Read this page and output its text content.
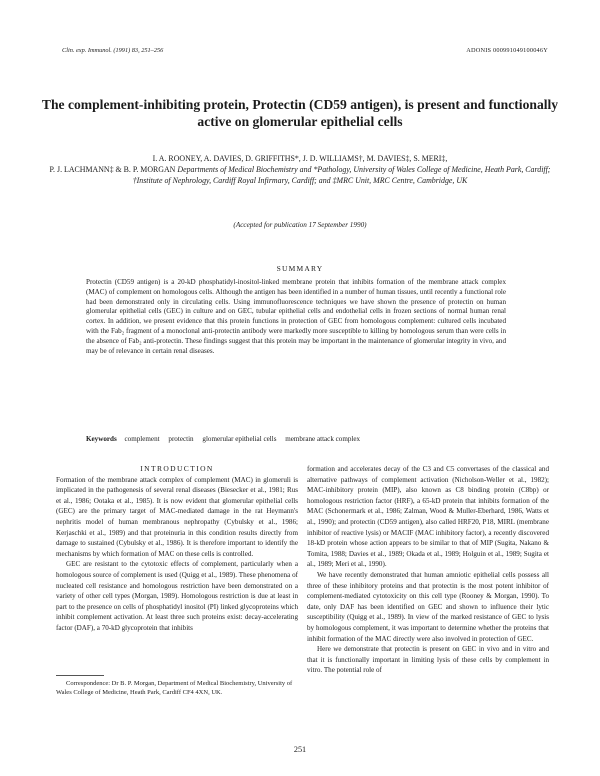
Clin. exp. Immunol. (1991) 83, 251–256	ADONIS 000991049100046Y
The complement-inhibiting protein, Protectin (CD59 antigen), is present and functionally active on glomerular epithelial cells
I. A. ROONEY, A. DAVIES, D. GRIFFITHS*, J. D. WILLIAMS†, M. DAVIES‡, S. MERI‡,
P. J. LACHMANN‡ & B. P. MORGAN Departments of Medical Biochemistry and *Pathology, University of Wales College of Medicine, Heath Park, Cardiff; †Institute of Nephrology, Cardiff Royal Infirmary, Cardiff; and ‡MRC Unit, MRC Centre, Cambridge, UK
(Accepted for publication 17 September 1990)
SUMMARY

Protectin (CD59 antigen) is a 20-kD phosphatidyl-inositol-linked membrane protein that inhibits formation of the membrane attack complex (MAC) of complement on homologous cells. Although the antigen has been identified in a number of human tissues, until recently a functional role had been demonstrated only in circulating cells. Using immunofluorescence techniques we have shown the presence of protectin on human glomerular epithelial cells (GEC) in culture and on GEC, tubular epithelial cells and endothelial cells in frozen sections of normal human renal cortex. In addition, we present evidence that this protein functions in protection of GEC from homologous complement: cultured cells incubated with the Fab₂ fragment of a monoclonal anti-protectin antibody were markedly more susceptible to killing by homologous serum than were cells in the absence of Fab₂ anti-protectin. These findings suggest that this protein may be important in the maintenance of glomerular integrity in vivo, and may be of relevance in certain renal diseases.

Keywords complement protectin glomerular epithelial cells membrane attack complex

INTRODUCTION

Formation of the membrane attack complex of complement (MAC) in glomeruli is implicated in the pathogenesis of several renal diseases (Biesecker et al., 1981; Rus et al., 1986; Ootaka et al., 1985). It is now evident that glomerular epithelial cells (GEC) are the primary target of MAC-mediated damage in the rat Heymann's nephritis model of human membranous nephropathy (Cybulsky et al., 1986; Kerjaschki et al., 1989) and that proteinuria in this condition results directly from damage to sustained (Cybulsky et al., 1986). It is therefore important to identify the mechanisms by which formation of MAC on these cells is controlled.

GEC are resistant to the cytotoxic effects of complement, particularly when a homologous source of complement is used (Quigg et al., 1989). These phenomena of nucleated cell resistance and homologous restriction have been demonstrated on a variety of other cell types (Morgan, 1989). Homologous restriction is due at least in part to the presence on cells of phosphatidyl inositol (PI) linked glycoproteins which inhibit complement activation. At least three such proteins exist: decay-accelerating factor (DAF), a 70-kD glycoprotein that inhibits

formation and accelerates decay of the C3 and C5 convertases of the classical and alternative pathways of complement activation (Nicholson-Weller et al., 1982); MAC-inhibitory protein (MIP), also known as C8 binding protein (C8bp) or homologous restriction factor (HRF), a 65-kD protein that inhibits formation of the MAC (Schonermark et al., 1986; Zalman, Wood & Muller-Eberhard, 1986, Watts et al., 1990); and protectin (CD59 antigen), also called HRF20, P18, MIRL (membrane inhibitor of reactive lysis) or MACIF (MAC inhibitory factor), a recently discovered 18-kD protein whose action appears to be similar to that of MIP (Sugita, Nakano & Tomita, 1988; Davies et al., 1989; Okada et al., 1989; Holguin et al., 1989; Sugita et al., 1989; Meri et al., 1990).

We have recently demonstrated that human amniotic epithelial cells possess all three of these inhibitory proteins and that protectin is the most potent inhibitor of complement-mediated cytotoxicity on this cell type (Rooney & Morgan, 1990). To date, only DAF has been identified on GEC and shown to influence their lytic susceptibility (Quigg et al., 1989). In view of the marked resistance of GEC to lysis by homologous complement, it was important to determine whether the proteins that inhibit formation of the MAC directly were also involved in protection of GEC.

Here we demonstrate that protectin is present on GEC in vivo and in vitro and that it is functionally important in limiting lysis of these cells by complement in vitro. The potential role of

Correspondence: Dr B. P. Morgan, Department of Medical Biochemistry, University of Wales College of Medicine, Heath Park, Cardiff CF4 4XN, UK.
251
